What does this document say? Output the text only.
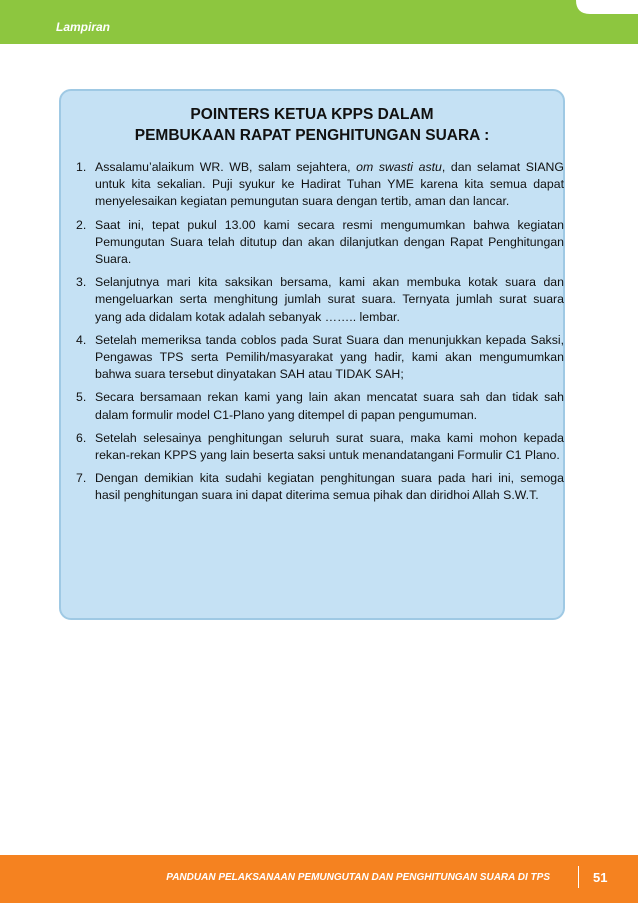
Lampiran
POINTERS KETUA KPPS DALAM
PEMBUKAAN RAPAT PENGHITUNGAN SUARA :
1 . Assalamu’alaikum WR. WB, salam sejahtera, om swasti astu, dan selamat SIANG untuk kita sekalian. Puji syukur ke Hadirat Tuhan YME karena kita semua dapat menyelesaikan kegiatan pemungutan suara dengan tertib, aman dan lancar.
2 . Saat ini, tepat pukul 13.00 kami secara resmi mengumumkan bahwa kegiatan Pemungutan Suara telah ditutup dan akan dilanjutkan dengan Rapat Penghitungan Suara.
3 . Selanjutnya mari kita saksikan bersama, kami akan membuka kotak suara dan mengeluarkan serta menghitung jumlah surat suara. Ternyata jumlah surat suara yang ada didalam kotak adalah sebanyak …….. lembar.
4 . Setelah memeriksa tanda coblos pada Surat Suara dan menunjukkan kepada Saksi, Pengawas TPS serta Pemilih/masyarakat yang hadir, kami akan mengumumkan bahwa suara tersebut dinyatakan SAH atau TIDAK SAH;
5 . Secara bersamaan rekan kami yang lain akan mencatat suara sah dan tidak sah dalam formulir model C1-Plano yang ditempel di papan pengumuman.
6 . Setelah selesainya penghitungan seluruh surat suara, maka kami mohon kepada rekan-rekan KPPS yang lain beserta saksi untuk menandatangani Formulir C1 Plano.
7 . Dengan demikian kita sudahi kegiatan penghitungan suara pada hari ini, semoga hasil penghitungan suara ini dapat diterima semua pihak dan diridhoi Allah S.W.T.
PANDUAN PELAKSANAAN PEMUNGUTAN DAN PENGHITUNGAN SUARA DI TPS	51
